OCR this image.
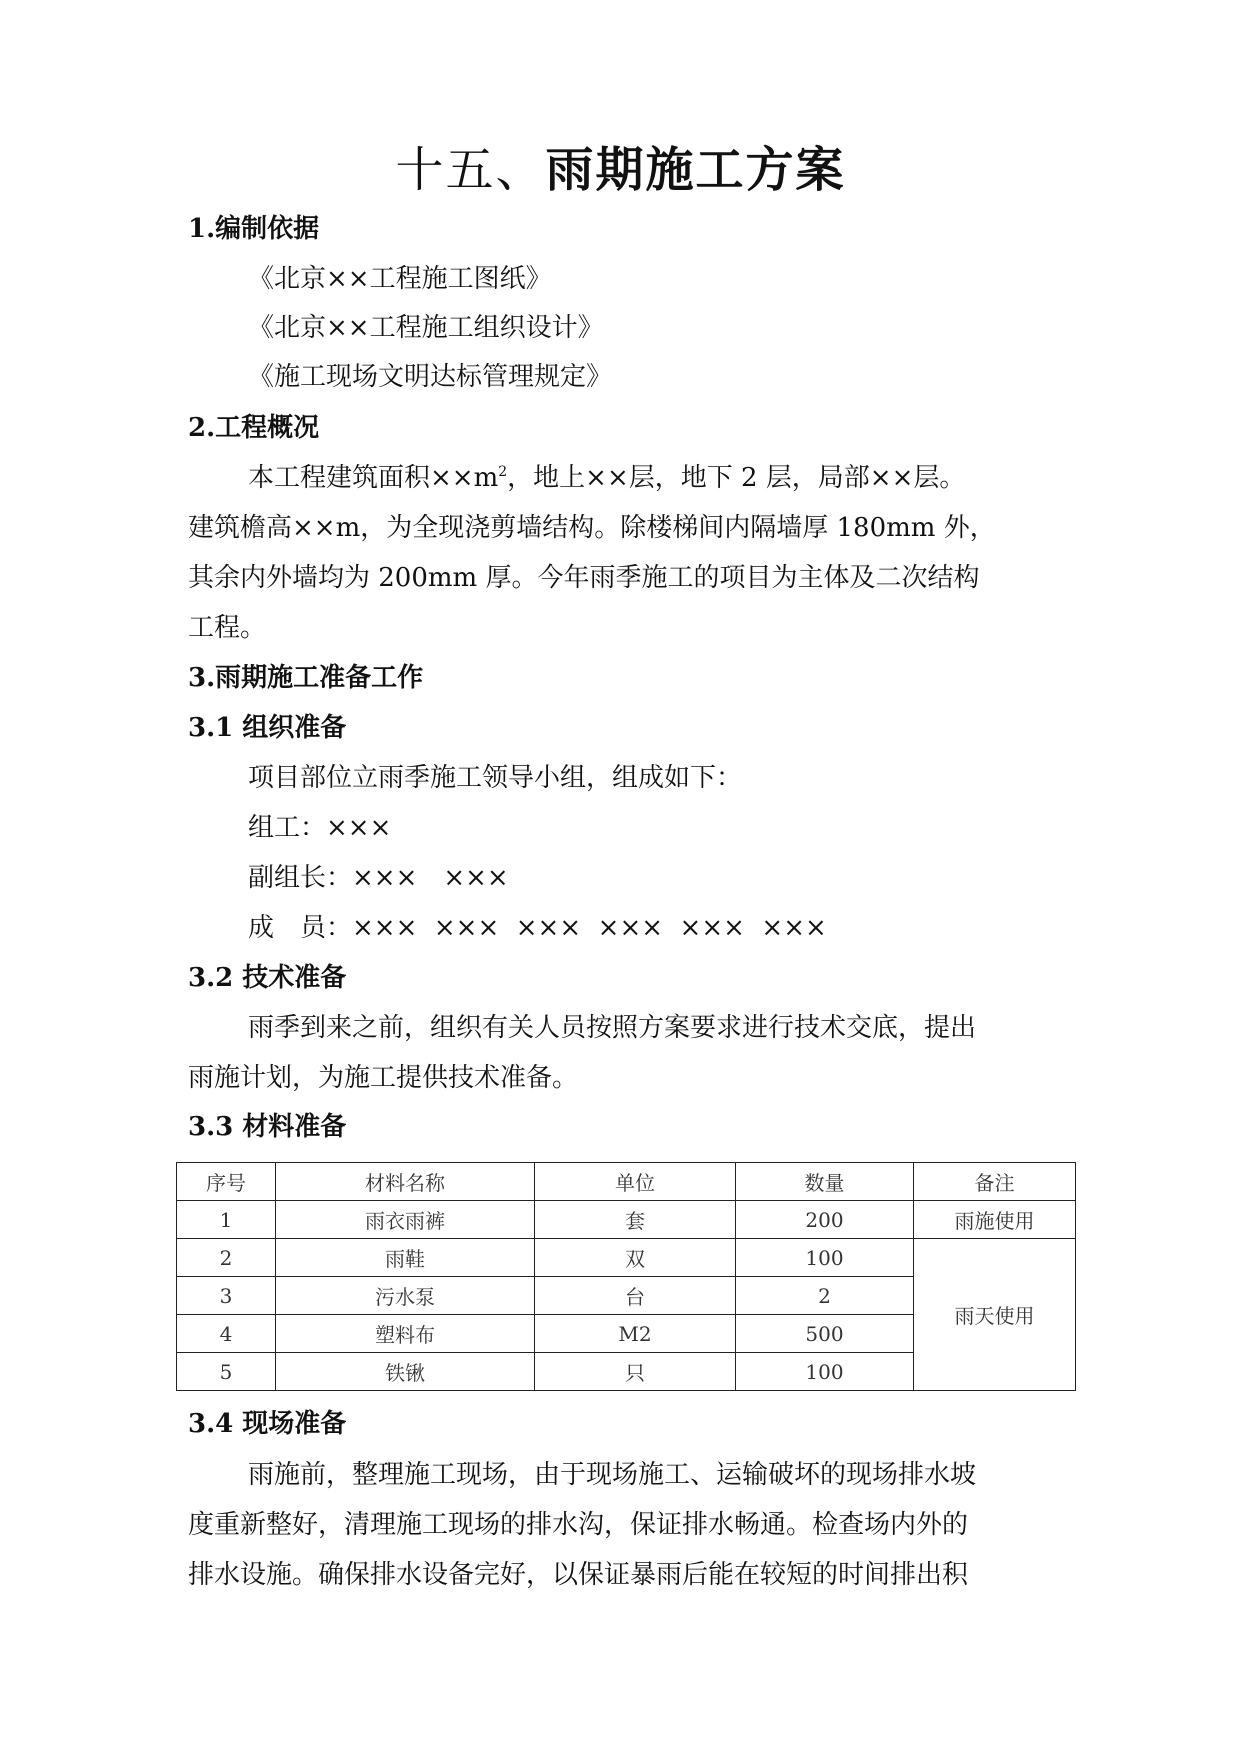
十五、雨期施工方案
1.编制依据
《北京××工程施工图纸》
《北京××工程施工组织设计》
《施工现场文明达标管理规定》
2.工程概况
本工程建筑面积$\times\times m^2$，地上××层，地下 2 层，局部××层。
建筑檐高××m，为全现浇剪墙结构。除楼梯间内隔墙厚 180mm 外，
其余内外墙均为 200mm 厚。今年雨季施工的项目为主体及二次结构
工程。
3.雨期施工准备工作
3.1 组织准备
项目部位立雨季施工领导小组，组成如下：
组工：×××
副组长：×××　×××
成　员：×××  ×××  ×××  ×××  ×××  ×××
3.2 技术准备
雨季到来之前，组织有关人员按照方案要求进行技术交底，提出
雨施计划，为施工提供技术准备。
3.3 材料准备
序号	材料名称	单位	数量	备注
1	雨衣雨裤	套	200	雨施使用
2	雨鞋	双	100	雨天使用
3	污水泵	台	2	
4	塑料布	M2	500	
5	铁锹	只	100	
3.4 现场准备
雨施前，整理施工现场，由于现场施工、运输破坏的现场排水坡
度重新整好，清理施工现场的排水沟，保证排水畅通。检查场内外的
排水设施。确保排水设备完好，以保证暴雨后能在较短的时间排出积
